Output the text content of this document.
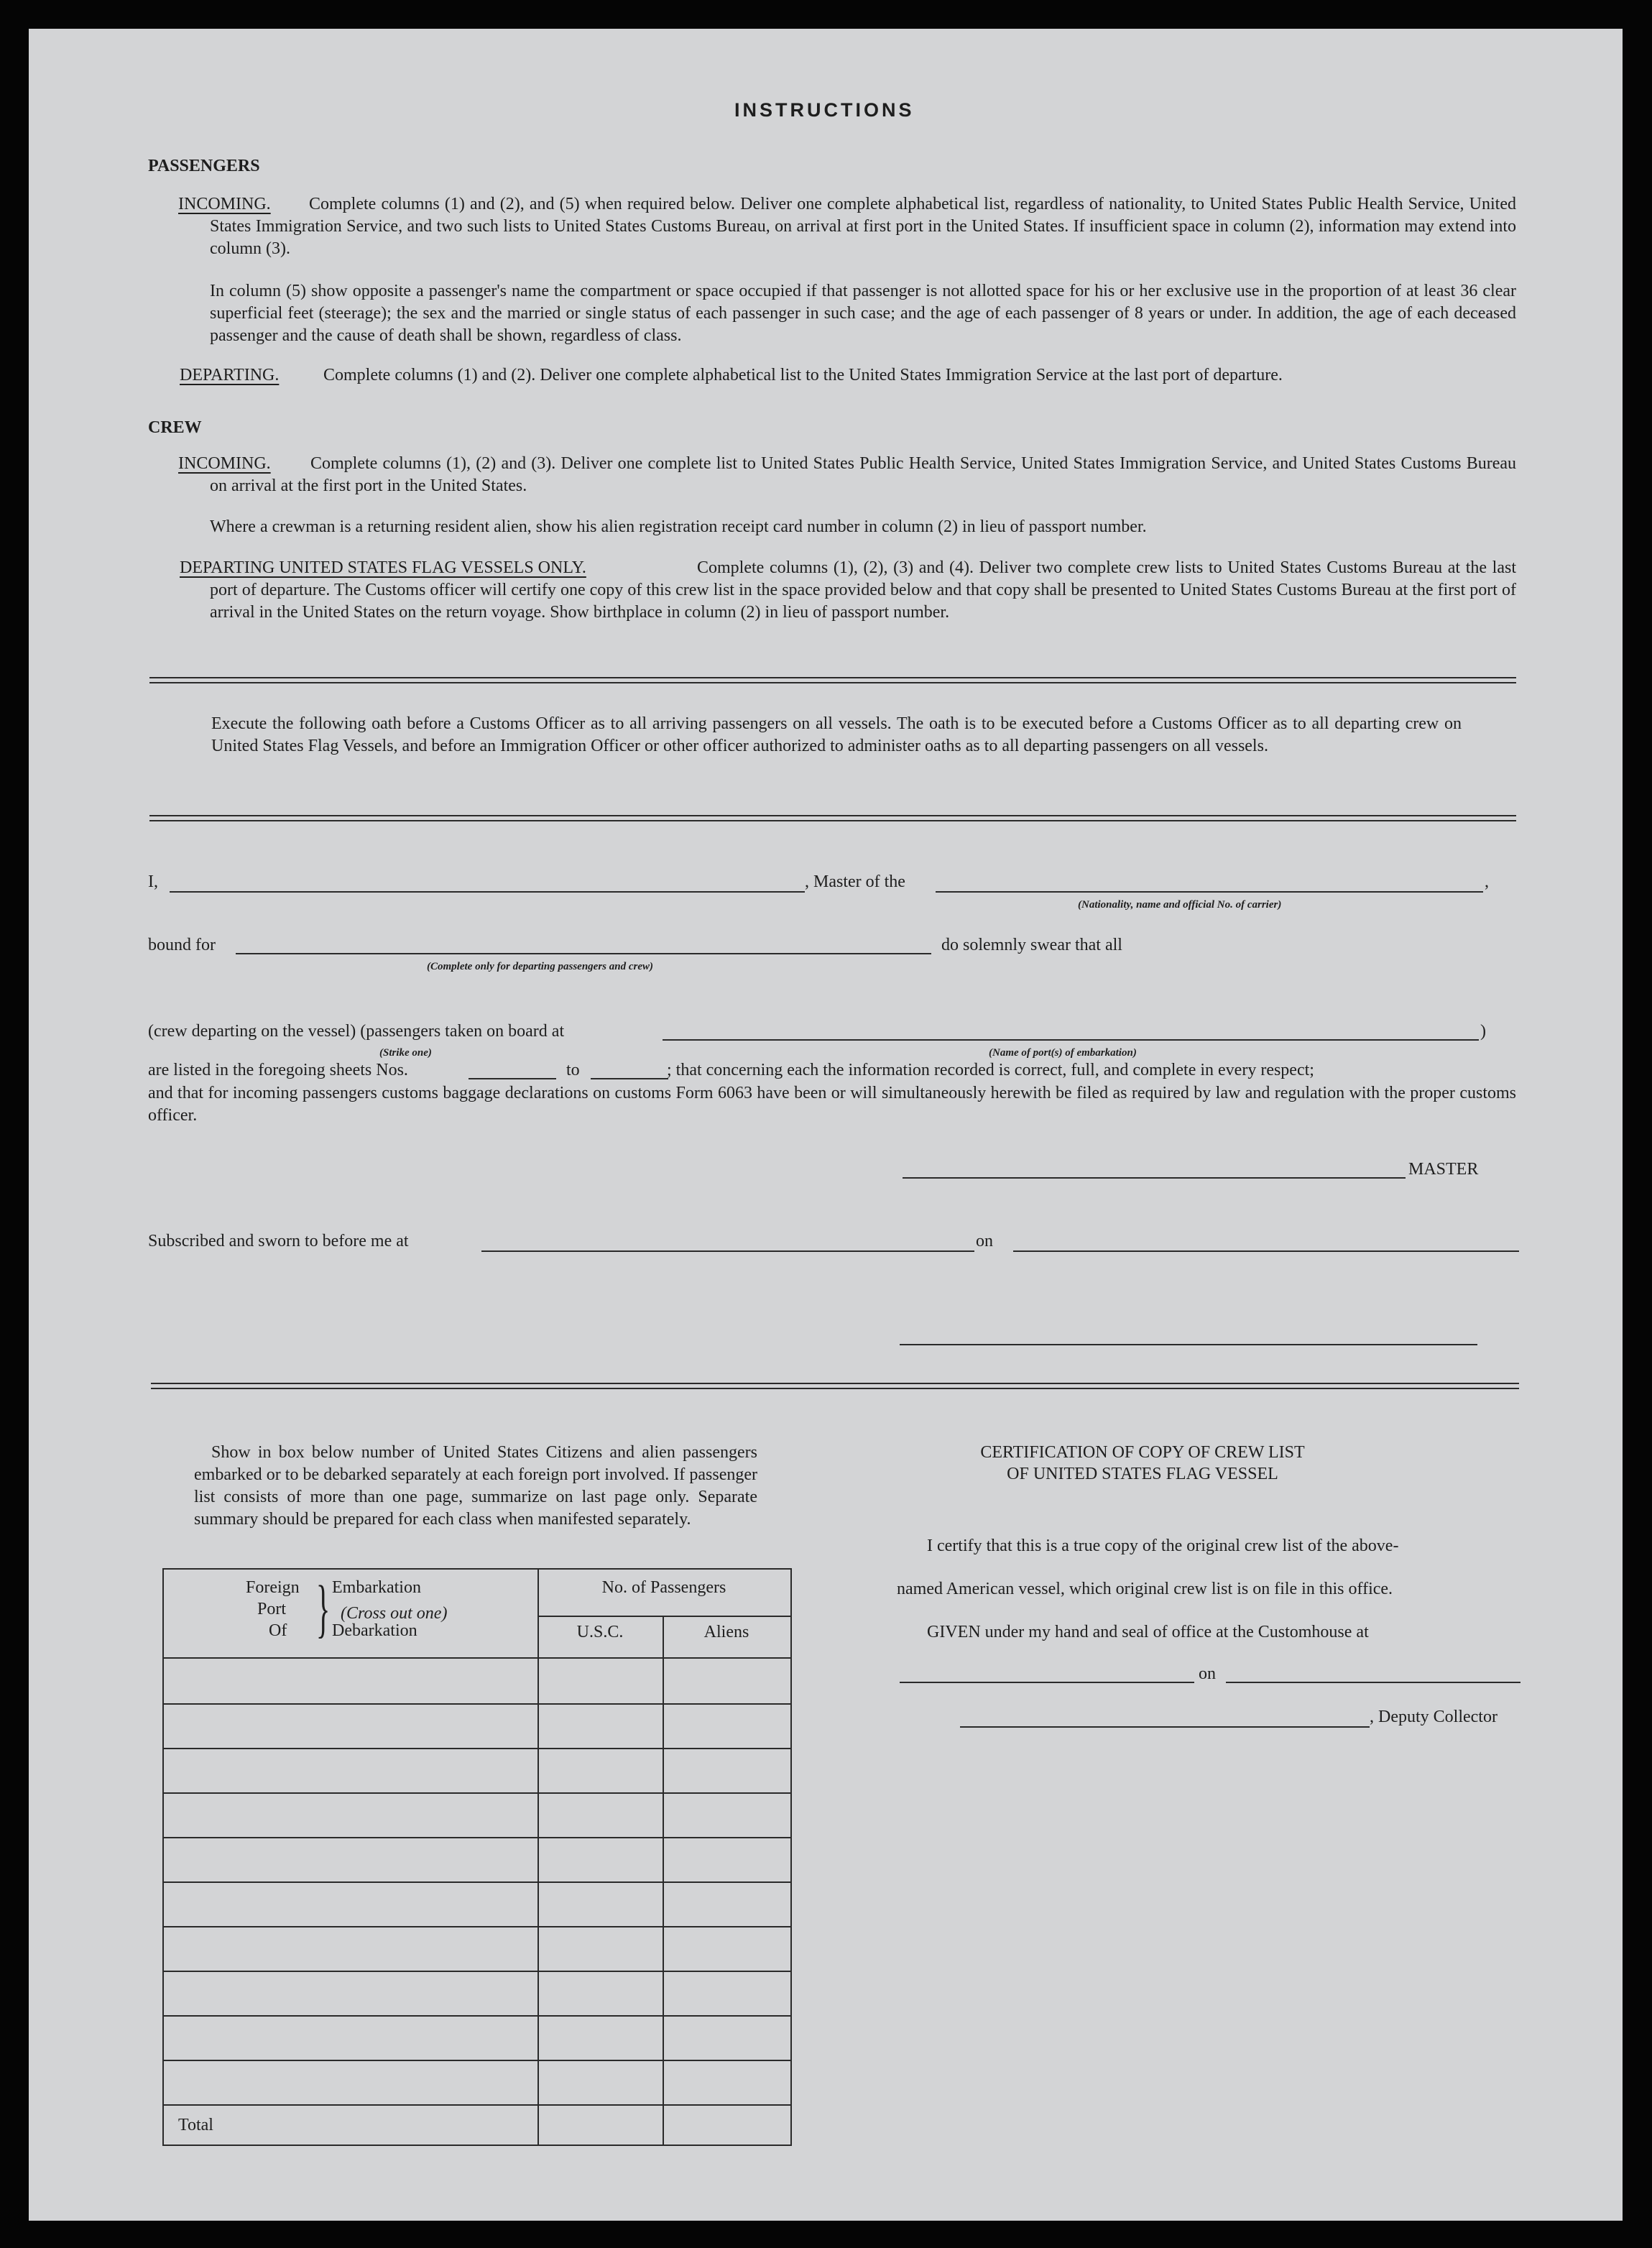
INSTRUCTIONS
PASSENGERS
INCOMING.	Complete columns (1) and (2), and (5) when required below. Deliver one complete alphabetical list, regardless of nationality, to United States Public Health Service, United States Immigration Service, and two such lists to United States Customs Bureau, on arrival at first port in the United States. If insufficient space in column (2), information may extend into column (3).
In column (5) show opposite a passenger's name the compartment or space occupied if that passenger is not allotted space for his or her exclusive use in the proportion of at least 36 clear superficial feet (steerage); the sex and the married or single status of each passenger in such case; and the age of each passenger of 8 years or under. In addition, the age of each deceased passenger and the cause of death shall be shown, regardless of class.
DEPARTING.	Complete columns (1) and (2). Deliver one complete alphabetical list to the United States Immigration Service at the last port of departure.
CREW
INCOMING.	Complete columns (1), (2) and (3). Deliver one complete list to United States Public Health Service, United States Immigration Service, and United States Customs Bureau on arrival at the first port in the United States.
Where a crewman is a returning resident alien, show his alien registration receipt card number in column (2) in lieu of passport number.
DEPARTING UNITED STATES FLAG VESSELS ONLY.	Complete columns (1), (2), (3) and (4). Deliver two complete crew lists to United States Customs Bureau at the last port of departure. The Customs officer will certify one copy of this crew list in the space provided below and that copy shall be presented to United States Customs Bureau at the first port of arrival in the United States on the return voyage. Show birthplace in column (2) in lieu of passport number.
Execute the following oath before a Customs Officer as to all arriving passengers on all vessels. The oath is to be executed before a Customs Officer as to all departing crew on United States Flag Vessels, and before an Immigration Officer or other officer authorized to administer oaths as to all departing passengers on all vessels.
I,	, Master of the
(Nationality, name and official No. of carrier)
,
bound for
(Complete only for departing passengers and crew)
do solemnly swear that all
(crew departing on the vessel) (passengers taken on board at
(Strike one)	(Name of port(s) of embarkation)
)
are listed in the foregoing sheets Nos.	to	; that concerning each the information recorded is correct, full, and complete in every respect;
and that for incoming passengers customs baggage declarations on customs Form 6063 have been or will simultaneously herewith be filed as required by law and regulation with the proper customs officer.
MASTER
Subscribed and sworn to before me at	on
Show in box below number of United States Citizens and alien passengers embarked or to be debarked separately at each foreign port involved. If passenger list consists of more than one page, summarize on last page only. Separate summary should be prepared for each class when manifested separately.
Foreign
Port
Of } Embarkation
(Cross out one)
Debarkation
No. of Passengers
U.S.C.	Aliens
Total
CERTIFICATION OF COPY OF CREW LIST
OF UNITED STATES FLAG VESSEL
I certify that this is a true copy of the original crew list of the above-
named American vessel, which original crew list is on file in this office.
GIVEN under my hand and seal of office at the Customhouse at
on
, Deputy Collector
